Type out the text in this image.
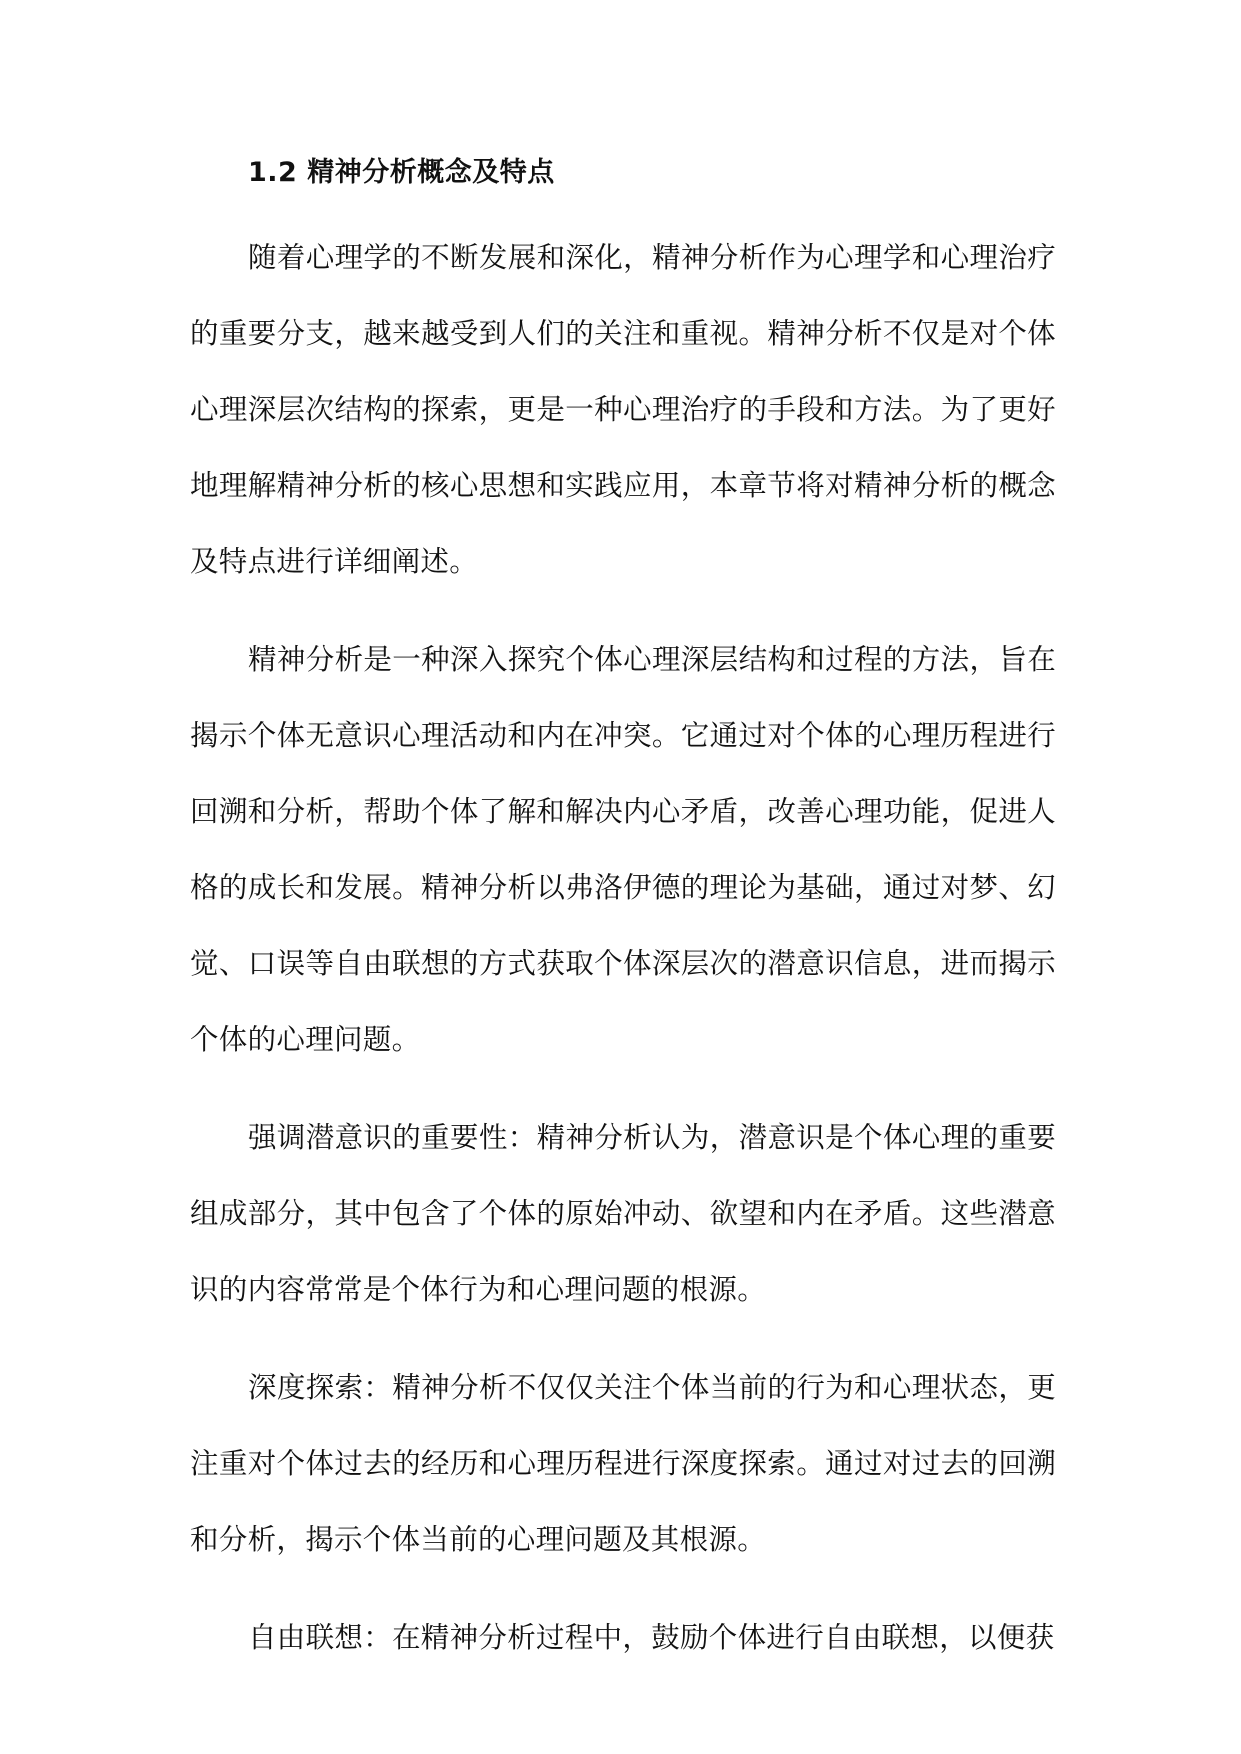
1.2 精神分析概念及特点

随着心理学的不断发展和深化，精神分析作为心理学和心理治疗的重要分支，越来越受到人们的关注和重视。精神分析不仅是对个体心理深层次结构的探索，更是一种心理治疗的手段和方法。为了更好地理解精神分析的核心思想和实践应用，本章节将对精神分析的概念及特点进行详细阐述。

精神分析是一种深入探究个体心理深层结构和过程的方法，旨在揭示个体无意识心理活动和内在冲突。它通过对个体的心理历程进行回溯和分析，帮助个体了解和解决内心矛盾，改善心理功能，促进人格的成长和发展。精神分析以弗洛伊德的理论为基础，通过对梦、幻觉、口误等自由联想的方式获取个体深层次的潜意识信息，进而揭示个体的心理问题。

强调潜意识的重要性：精神分析认为，潜意识是个体心理的重要组成部分，其中包含了个体的原始冲动、欲望和内在矛盾。这些潜意识的内容常常是个体行为和心理问题的根源。

深度探索：精神分析不仅仅关注个体当前的行为和心理状态，更注重对个体过去的经历和心理历程进行深度探索。通过对过去的回溯和分析，揭示个体当前的心理问题及其根源。

自由联想：在精神分析过程中，鼓励个体进行自由联想，以便获
